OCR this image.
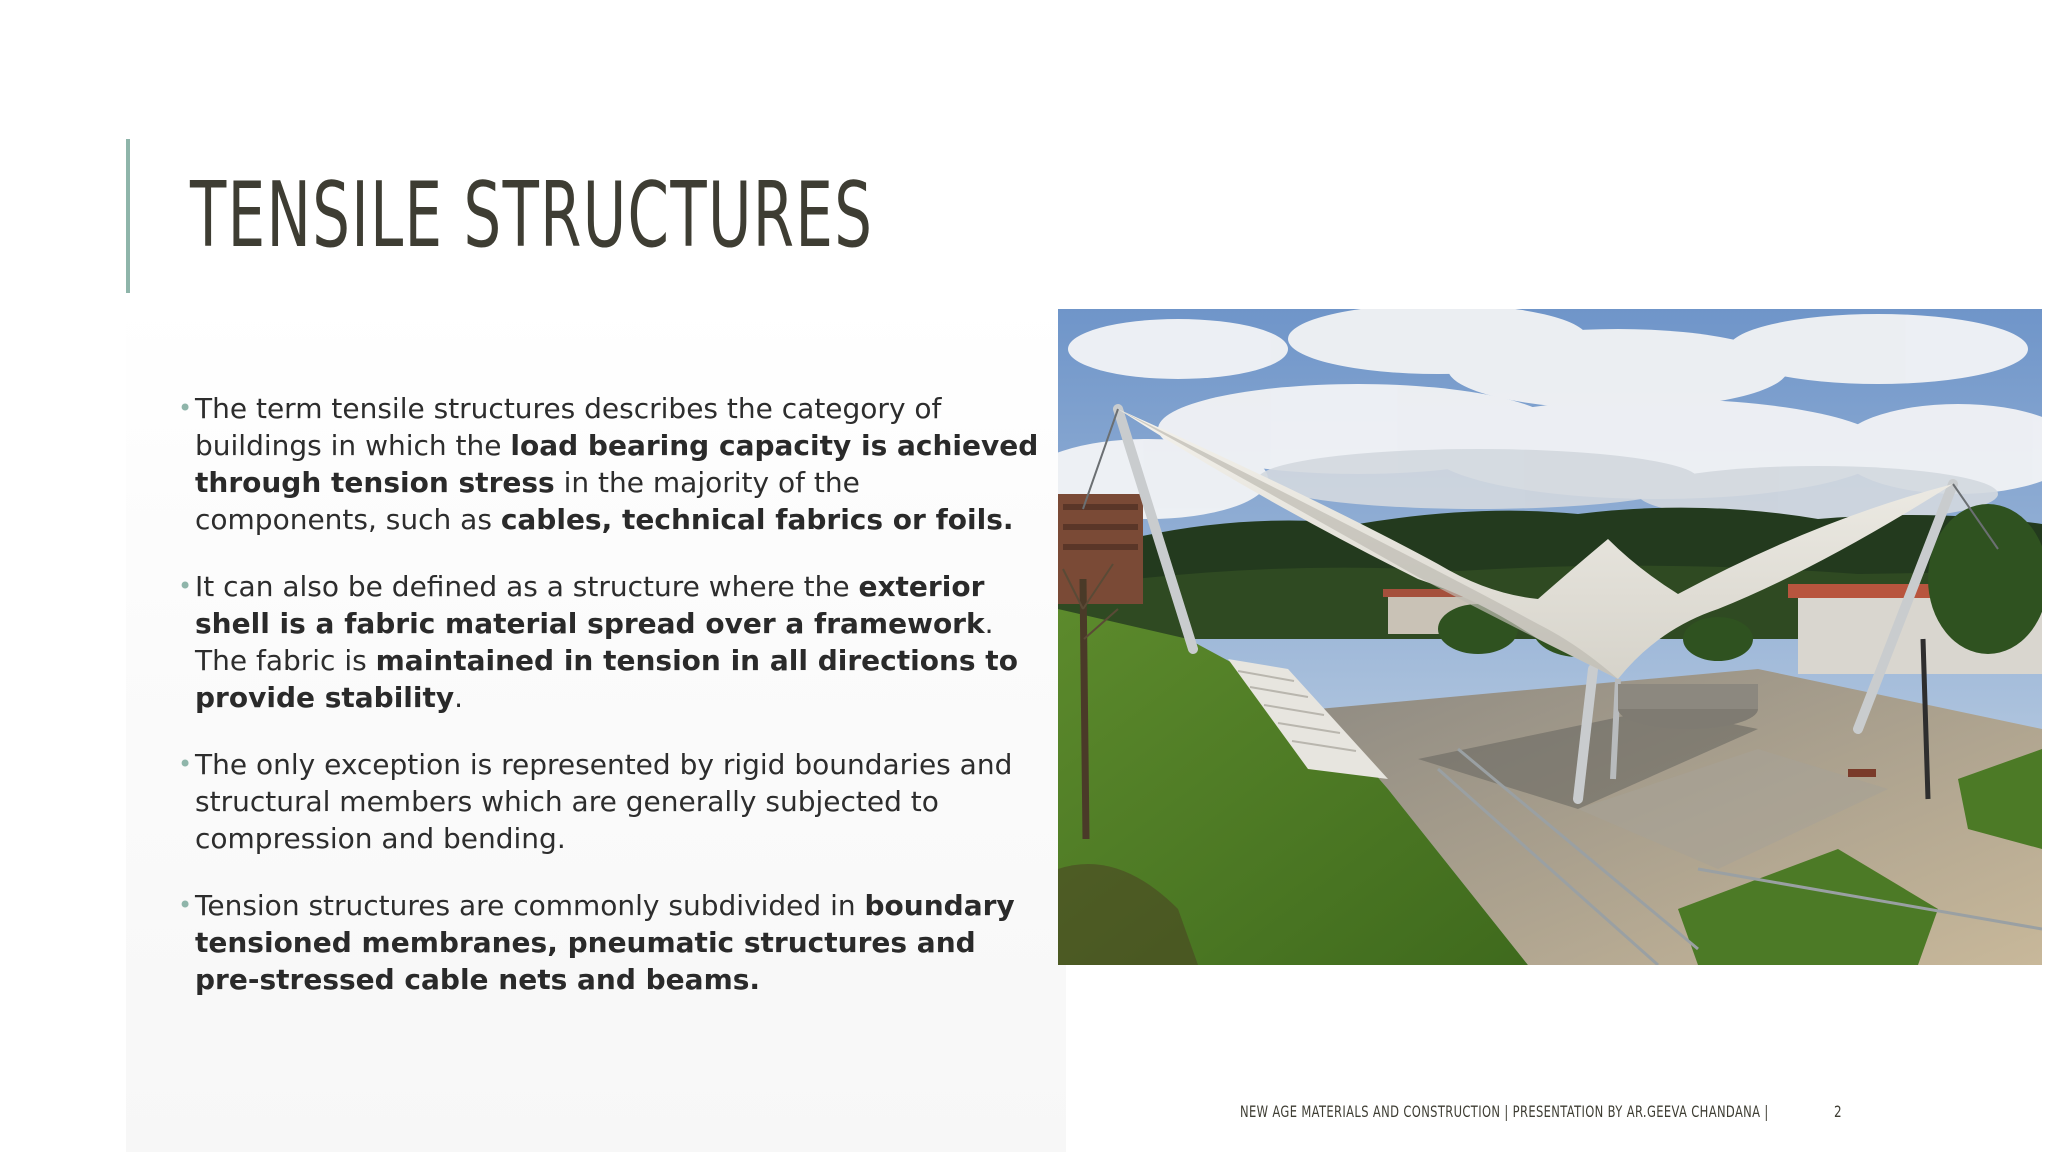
TENSILE STRUCTURES
• The term tensile structures describes the category of buildings in which the load bearing capacity is achieved through tension stress in the majority of the components, such as cables, technical fabrics or foils.
• It can also be defined as a structure where the exterior shell is a fabric material spread over a framework. The fabric is maintained in tension in all directions to provide stability.
• The only exception is represented by rigid boundaries and structural members which are generally subjected to compression and bending.
• Tension structures are commonly subdivided in boundary tensioned membranes, pneumatic structures and pre-stressed cable nets and beams.
NEW AGE MATERIALS AND CONSTRUCTION | PRESENTATION BY AR.GEEVA CHANDANA |	2
